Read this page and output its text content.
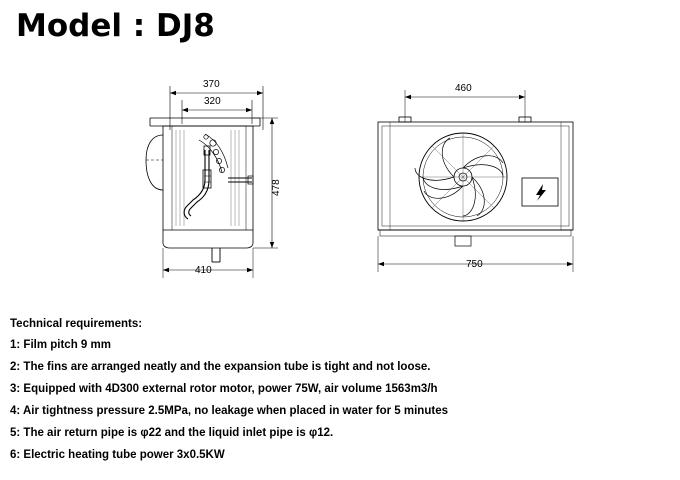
Model : DJ8
370
320
478
410
460
750
Technical requirements:
1: Film pitch 9 mm
2: The fins are arranged neatly and the expansion tube is tight and not loose.
3: Equipped with 4D300 external rotor motor, power 75W, air volume 1563m3/h
4: Air tightness pressure 2.5MPa, no leakage when placed in water for 5 minutes
5: The air return pipe is φ22 and the liquid inlet pipe is φ12.
6: Electric heating tube power 3x0.5KW
